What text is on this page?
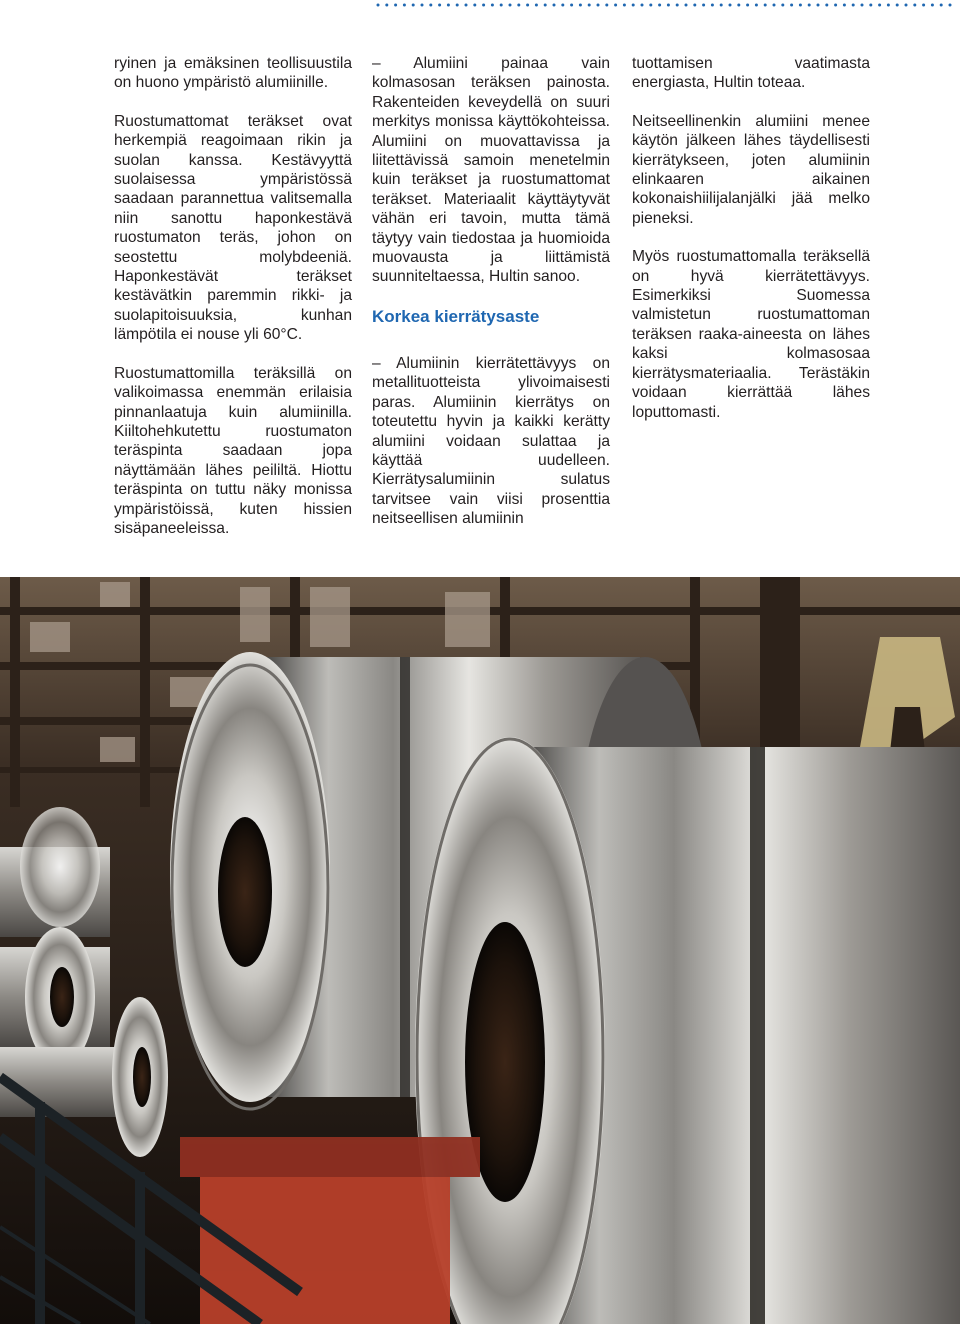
ryinen ja emäksinen teollisuustila on huono ympäristö alumiinille.

Ruostumattomat teräkset ovat herkempiä reagoimaan rikin ja suolan kanssa. Kestävyyttä suolaisessa ympäristössä saadaan parannettua valitsemalla niin sanottu haponkestävä ruostumaton teräs, johon on seostettu molybdeeniä. Haponkestävät teräkset kestävätkin paremmin rikki- ja suolapitoisuuksia, kunhan lämpötila ei nouse yli 60°C.

Ruostumattomilla teräksillä on valikoimassa enemmän erilaisia pinnanlaatuja kuin alumiinilla. Kiiltohehkutettu ruostumaton teräspinta saadaan jopa näyttämään lähes peililtä. Hiottu teräspinta on tuttu näky monissa ympäristöissä, kuten hissien sisäpaneeleissa.

– Alumiini painaa vain kolmasosan teräksen painosta. Rakenteiden keveydellä on suuri merkitys monissa käyttökohteissa. Alumiini on muovattavissa ja liitettävissä samoin menetelmin kuin teräkset ja ruostumattomat teräkset. Materiaalit käyttäytyvät vähän eri tavoin, mutta tämä täytyy vain tiedostaa ja huomioida muovausta ja liittämistä suunniteltaessa, Hultin sanoo.

Korkea kierrätysaste

– Alumiinin kierrätettävyys on metallituotteista ylivoimaisesti paras. Alumiinin kierrätys on toteutettu hyvin ja kaikki kerätty alumiini voidaan sulattaa ja käyttää uudelleen. Kierrätysalumiinin sulatus tarvitsee vain viisi prosenttia neitseellisen alumiinin

tuottamisen vaatimasta energiasta, Hultin toteaa.

Neitseellinenkin alumiini menee käytön jälkeen lähes täydellisesti kierrätykseen, joten alumiinin elinkaaren aikainen kokonaishiilijalanjälki jää melko pieneksi.

Myös ruostumattomalla teräksellä on hyvä kierrätettävyys. Esimerkiksi Suomessa valmistetun ruostumattoman teräksen raaka-aineesta on lähes kaksi kolmasosaa kierrätysmateriaalia. Terästäkin voidaan kierrättää lähes loputtomasti.
